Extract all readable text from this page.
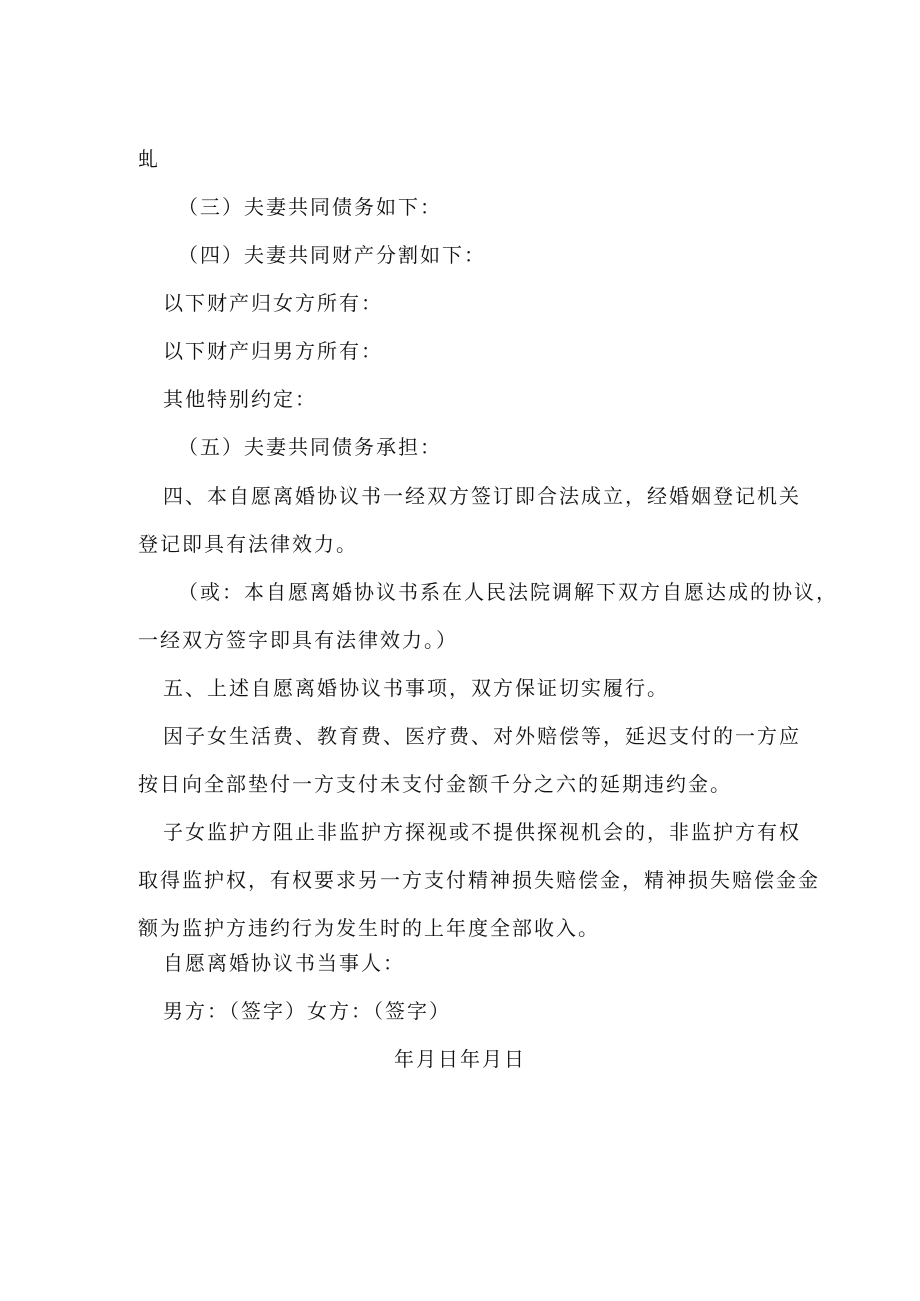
虬
（三）夫妻共同债务如下：
（四）夫妻共同财产分割如下：
以下财产归女方所有：
以下财产归男方所有：
其他特别约定：
（五）夫妻共同债务承担：
四、本自愿离婚协议书一经双方签订即合法成立，经婚姻登记机关
登记即具有法律效力。
（或：本自愿离婚协议书系在人民法院调解下双方自愿达成的协议，
一经双方签字即具有法律效力。）
五、上述自愿离婚协议书事项，双方保证切实履行。
因子女生活费、教育费、医疗费、对外赔偿等，延迟支付的一方应
按日向全部垫付一方支付未支付金额千分之六的延期违约金。
子女监护方阻止非监护方探视或不提供探视机会的，非监护方有权
取得监护权，有权要求另一方支付精神损失赔偿金，精神损失赔偿金金
额为监护方违约行为发生时的上年度全部收入。
自愿离婚协议书当事人：
男方：（签字）女方：（签字）
年月日年月日
